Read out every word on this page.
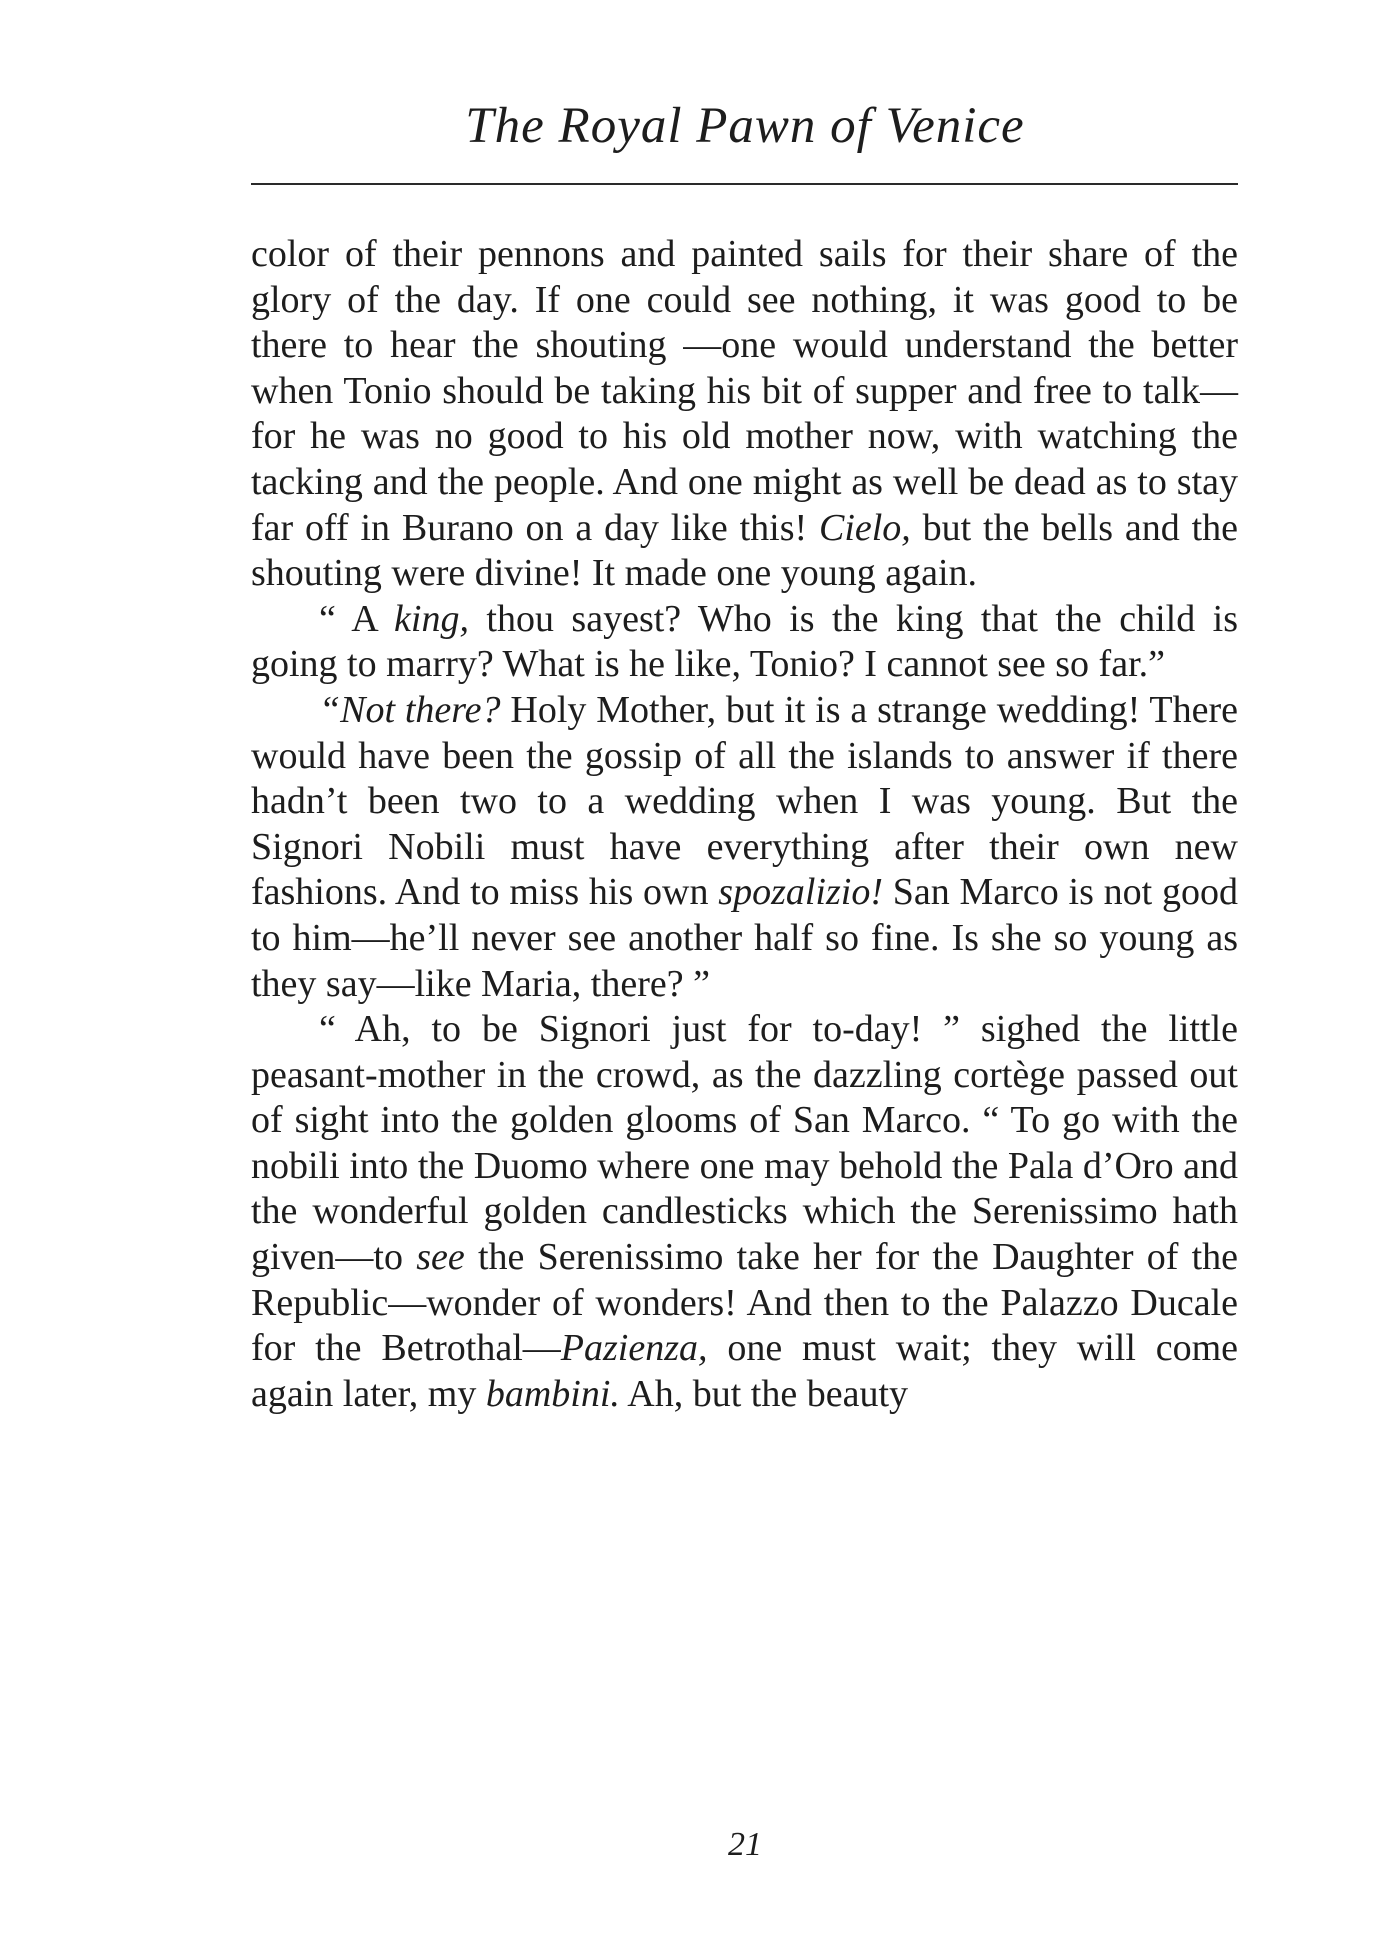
The Royal Pawn of Venice

color of their pennons and painted sails for their share of the glory of the day. If one could see nothing, it was good to be there to hear the shouting —one would understand the better when Tonio should be taking his bit of supper and free to talk— for he was no good to his old mother now, with watching the tacking and the people. And one might as well be dead as to stay far off in Burano on a day like this! Cielo, but the bells and the shouting were divine! It made one young again.

“ A king, thou sayest? Who is the king that the child is going to marry? What is he like, Tonio? I cannot see so far.”

“Not there? Holy Mother, but it is a strange wedding! There would have been the gossip of all the islands to answer if there hadn’t been two to a wedding when I was young. But the Signori Nobili must have everything after their own new fashions. And to miss his own spozalizio! San Marco is not good to him—he’ll never see another half so fine. Is she so young as they say—like Maria, there? ”

“ Ah, to be Signori just for to-day! ” sighed the little peasant-mother in the crowd, as the dazzling cortège passed out of sight into the golden glooms of San Marco. “ To go with the nobili into the Duomo where one may behold the Pala d’Oro and the wonderful golden candlesticks which the Serenissimo hath given—to see the Serenissimo take her for the Daughter of the Republic—wonder of wonders! And then to the Palazzo Ducale for the Betrothal—Pazienza, one must wait; they will come again later, my bambini. Ah, but the beauty

21
